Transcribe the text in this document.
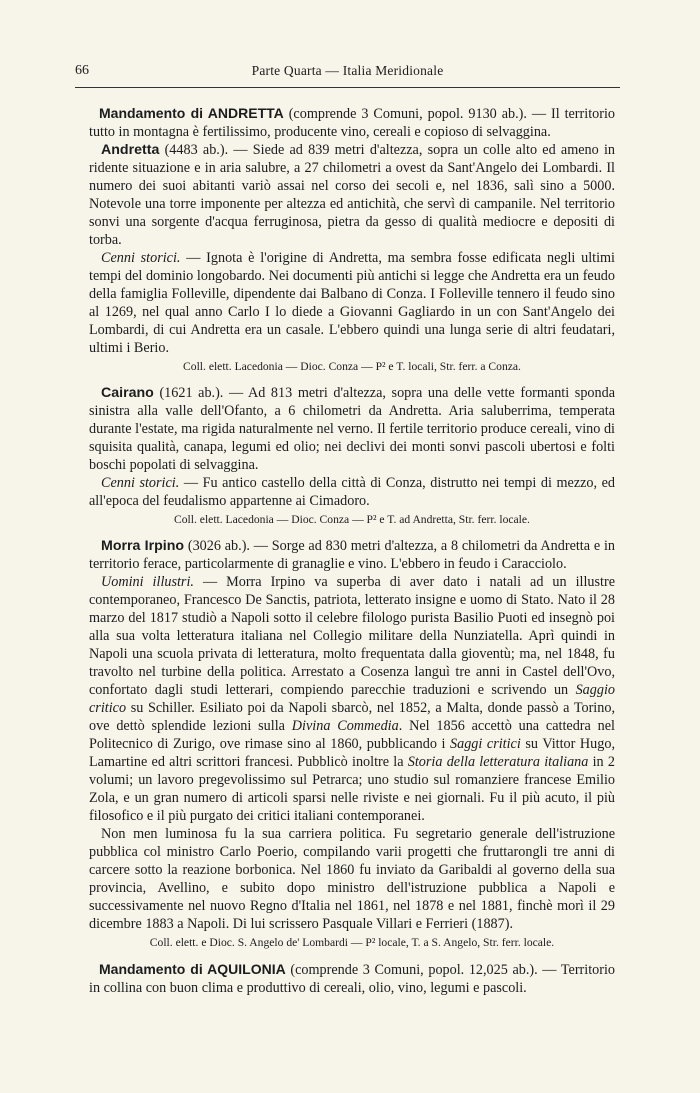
66	Parte Quarta — Italia Meridionale

Mandamento di ANDRETTA (comprende 3 Comuni, popol. 9130 ab.). — Il territorio tutto in montagna è fertilissimo, producente vino, cereali e copioso di selvaggina.

Andretta (4483 ab.). — Siede ad 839 metri d'altezza, sopra un colle alto ed ameno in ridente situazione e in aria salubre, a 27 chilometri a ovest da Sant'Angelo dei Lombardi. Il numero dei suoi abitanti variò assai nel corso dei secoli e, nel 1836, salì sino a 5000. Notevole una torre imponente per altezza ed antichità, che servì di campanile. Nel territorio sonvi una sorgente d'acqua ferruginosa, pietra da gesso di qualità mediocre e depositi di torba.

Cenni storici. — Ignota è l'origine di Andretta, ma sembra fosse edificata negli ultimi tempi del dominio longobardo. Nei documenti più antichi si legge che Andretta era un feudo della famiglia Folleville, dipendente dai Balbano di Conza. I Folleville tennero il feudo sino al 1269, nel qual anno Carlo I lo diede a Giovanni Gagliardo in un con Sant'Angelo dei Lombardi, di cui Andretta era un casale. L'ebbero quindi una lunga serie di altri feudatari, ultimi i Berio.

Coll. elett. Lacedonia — Dioc. Conza — P² e T. locali, Str. ferr. a Conza.

Cairano (1621 ab.). — Ad 813 metri d'altezza, sopra una delle vette formanti sponda sinistra alla valle dell'Ofanto, a 6 chilometri da Andretta. Aria saluberrima, temperata durante l'estate, ma rigida naturalmente nel verno. Il fertile territorio produce cereali, vino di squisita qualità, canapa, legumi ed olio; nei declivi dei monti sonvi pascoli ubertosi e folti boschi popolati di selvaggina.

Cenni storici. — Fu antico castello della città di Conza, distrutto nei tempi di mezzo, ed all'epoca del feudalismo appartenne ai Cimadoro.

Coll. elett. Lacedonia — Dioc. Conza — P² e T. ad Andretta, Str. ferr. locale.

Morra Irpino (3026 ab.). — Sorge ad 830 metri d'altezza, a 8 chilometri da Andretta e in territorio ferace, particolarmente di granaglie e vino. L'ebbero in feudo i Caracciolo.

Uomini illustri. — Morra Irpino va superba di aver dato i natali ad un illustre contemporaneo, Francesco De Sanctis, patriota, letterato insigne e uomo di Stato. Nato il 28 marzo del 1817 studiò a Napoli sotto il celebre filologo purista Basilio Puoti ed insegnò poi alla sua volta letteratura italiana nel Collegio militare della Nunziatella. Aprì quindi in Napoli una scuola privata di letteratura, molto frequentata dalla gioventù; ma, nel 1848, fu travolto nel turbine della politica. Arrestato a Cosenza languì tre anni in Castel dell'Ovo, confortato dagli studi letterari, compiendo parecchie traduzioni e scrivendo un Saggio critico su Schiller. Esiliato poi da Napoli sbarcò, nel 1852, a Malta, donde passò a Torino, ove dettò splendide lezioni sulla Divina Commedia. Nel 1856 accettò una cattedra nel Politecnico di Zurigo, ove rimase sino al 1860, pubblicando i Saggi critici su Vittor Hugo, Lamartine ed altri scrittori francesi. Pubblicò inoltre la Storia della letteratura italiana in 2 volumi; un lavoro pregevolissimo sul Petrarca; uno studio sul romanziere francese Emilio Zola, e un gran numero di articoli sparsi nelle riviste e nei giornali. Fu il più acuto, il più filosofico e il più purgato dei critici italiani contemporanei.

Non men luminosa fu la sua carriera politica. Fu segretario generale dell'istruzione pubblica col ministro Carlo Poerio, compilando varii progetti che fruttarongli tre anni di carcere sotto la reazione borbonica. Nel 1860 fu inviato da Garibaldi al governo della sua provincia, Avellino, e subito dopo ministro dell'istruzione pubblica a Napoli e successivamente nel nuovo Regno d'Italia nel 1861, nel 1878 e nel 1881, finchè morì il 29 dicembre 1883 a Napoli. Di lui scrissero Pasquale Villari e Ferrieri (1887).

Coll. elett. e Dioc. S. Angelo de' Lombardi — P² locale, T. a S. Angelo, Str. ferr. locale.

Mandamento di AQUILONIA (comprende 3 Comuni, popol. 12,025 ab.). — Territorio in collina con buon clima e produttivo di cereali, olio, vino, legumi e pascoli.
